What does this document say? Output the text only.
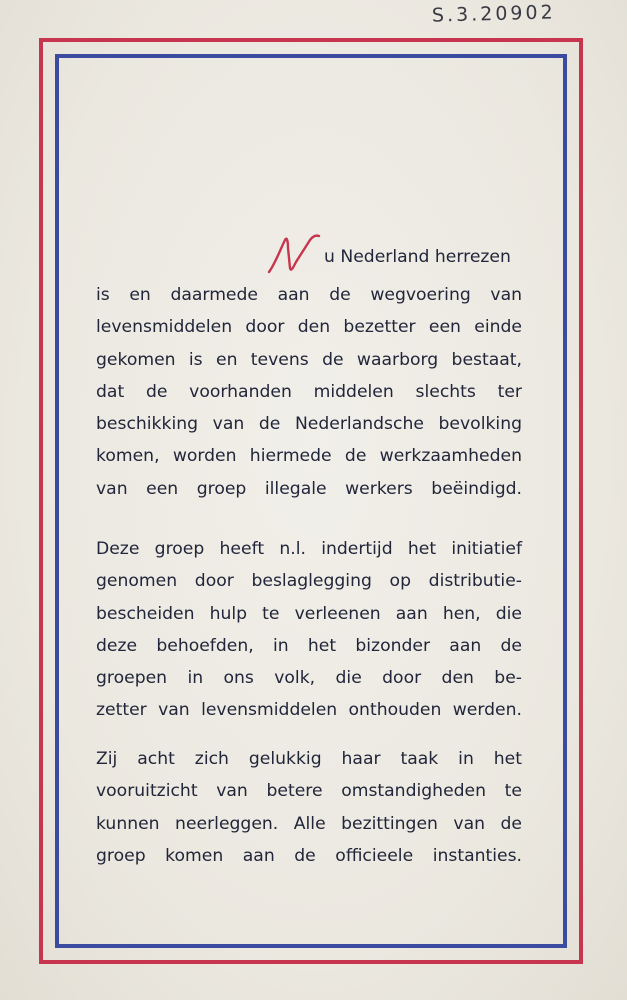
S.3.20902
u Nederland herrezen
is en daarmede aan de wegvoering van
levensmiddelen door den bezetter een einde
gekomen is en tevens de waarborg bestaat,
dat de voorhanden middelen slechts ter
beschikking van de Nederlandsche bevolking
komen, worden hiermede de werkzaamheden
van een groep illegale werkers beëindigd.
Deze groep heeft n.l. indertijd het initiatief
genomen door beslaglegging op distributie-
bescheiden hulp te verleenen aan hen, die
deze behoefden, in het bizonder aan de
groepen in ons volk, die door den be-
zetter van levensmiddelen onthouden werden.
Zij acht zich gelukkig haar taak in het
vooruitzicht van betere omstandigheden te
kunnen neerleggen. Alle bezittingen van de
groep komen aan de officieele instanties.
